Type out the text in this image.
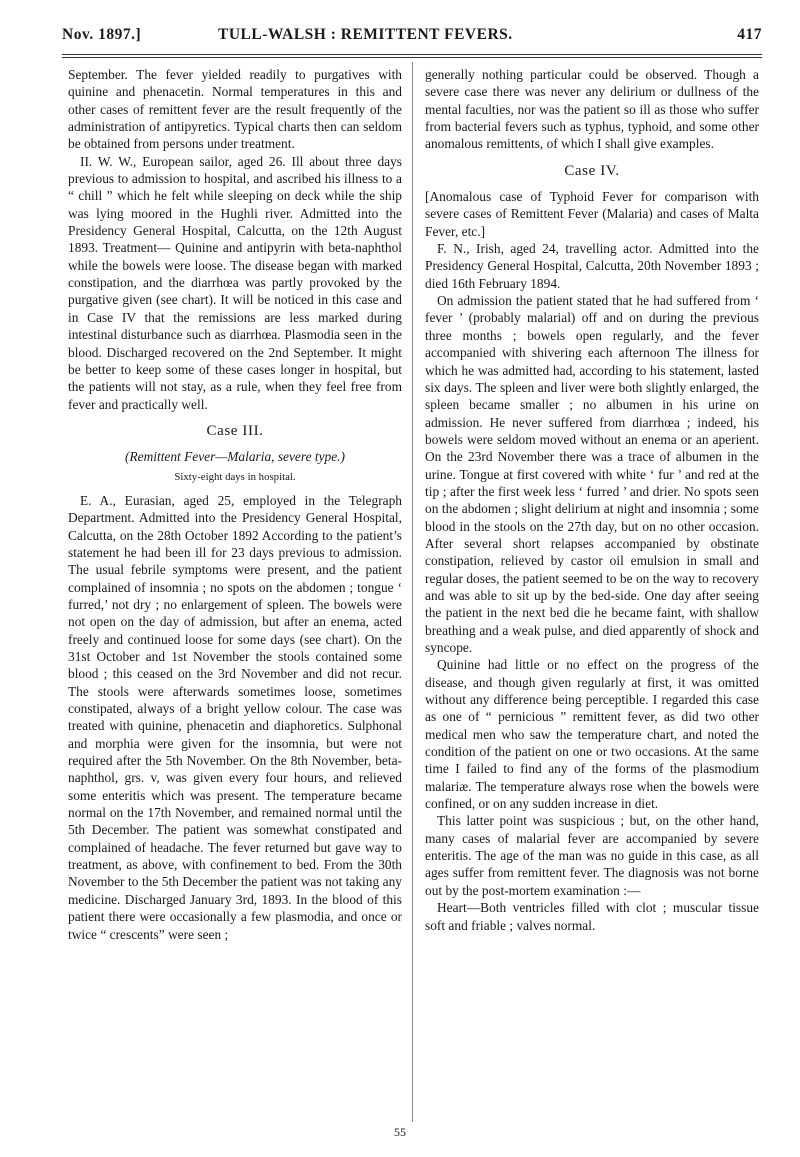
Nov. 1897.]	TULL-WALSH : REMITTENT FEVERS.	417

September. The fever yielded readily to purgatives with quinine and phenacetin. Normal temperatures in this and other cases of remittent fever are the result frequently of the administration of antipyretics. Typical charts then can seldom be obtained from persons under treatment.

II. W. W., European sailor, aged 26. Ill about three days previous to admission to hospital, and ascribed his illness to a “ chill ” which he felt while sleeping on deck while the ship was lying moored in the Hughli river. Admitted into the Presidency General Hospital, Calcutta, on the 12th August 1893. Treatment— Quinine and antipyrin with beta-naphthol while the bowels were loose. The disease began with marked constipation, and the diarrhœa was partly provoked by the purgative given (see chart). It will be noticed in this case and in Case IV that the remissions are less marked during intestinal disturbance such as diarrhœa. Plasmodia seen in the blood. Discharged recovered on the 2nd September. It might be better to keep some of these cases longer in hospital, but the patients will not stay, as a rule, when they feel free from fever and practically well.

Case III.

(Remittent Fever—Malaria, severe type.)

Sixty-eight days in hospital.

E. A., Eurasian, aged 25, employed in the Telegraph Department. Admitted into the Presidency General Hospital, Calcutta, on the 28th October 1892 According to the patient’s statement he had been ill for 23 days previous to admission. The usual febrile symptoms were present, and the patient complained of insomnia ; no spots on the abdomen ; tongue ‘ furred,’ not dry ; no enlargement of spleen. The bowels were not open on the day of admission, but after an enema, acted freely and continued loose for some days (see chart). On the 31st October and 1st November the stools contained some blood ; this ceased on the 3rd November and did not recur. The stools were afterwards sometimes loose, sometimes constipated, always of a bright yellow colour. The case was treated with quinine, phenacetin and diaphoretics. Sulphonal and morphia were given for the insomnia, but were not required after the 5th November. On the 8th November, beta-naphthol, grs. v, was given every four hours, and relieved some enteritis which was present. The temperature became normal on the 17th November, and remained normal until the 5th December. The patient was somewhat constipated and complained of headache. The fever returned but gave way to treatment, as above, with confinement to bed. From the 30th November to the 5th December the patient was not taking any medicine. Discharged January 3rd, 1893. In the blood of this patient there were occasionally a few plasmodia, and once or twice “ crescents” were seen ;

generally nothing particular could be observed. Though a severe case there was never any delirium or dullness of the mental faculties, nor was the patient so ill as those who suffer from bacterial fevers such as typhus, typhoid, and some other anomalous remittents, of which I shall give examples.

Case IV.

[Anomalous case of Typhoid Fever for comparison with severe cases of Remittent Fever (Malaria) and cases of Malta Fever, etc.]

F. N., Irish, aged 24, travelling actor. Admitted into the Presidency General Hospital, Calcutta, 20th November 1893 ; died 16th February 1894.

On admission the patient stated that he had suffered from ‘ fever ’ (probably malarial) off and on during the previous three months ; bowels open regularly, and the fever accompanied with shivering each afternoon The illness for which he was admitted had, according to his statement, lasted six days. The spleen and liver were both slightly enlarged, the spleen became smaller ; no albumen in his urine on admission. He never suffered from diarrhœa ; indeed, his bowels were seldom moved without an enema or an aperient. On the 23rd November there was a trace of albumen in the urine. Tongue at first covered with white ‘ fur ’ and red at the tip ; after the first week less ‘ furred ’ and drier. No spots seen on the abdomen ; slight delirium at night and insomnia ; some blood in the stools on the 27th day, but on no other occasion. After several short relapses accompanied by obstinate constipation, relieved by castor oil emulsion in small and regular doses, the patient seemed to be on the way to recovery and was able to sit up by the bed-side. One day after seeing the patient in the next bed die he became faint, with shallow breathing and a weak pulse, and died apparently of shock and syncope.

Quinine had little or no effect on the progress of the disease, and though given regularly at first, it was omitted without any difference being perceptible. I regarded this case as one of “ pernicious ” remittent fever, as did two other medical men who saw the temperature chart, and noted the condition of the patient on one or two occasions. At the same time I failed to find any of the forms of the plasmodium malariæ. The temperature always rose when the bowels were confined, or on any sudden increase in diet.

This latter point was suspicious ; but, on the other hand, many cases of malarial fever are accompanied by severe enteritis. The age of the man was no guide in this case, as all ages suffer from remittent fever. The diagnosis was not borne out by the post-mortem examination :—

Heart—Both ventricles filled with clot ; muscular tissue soft and friable ; valves normal.

55
